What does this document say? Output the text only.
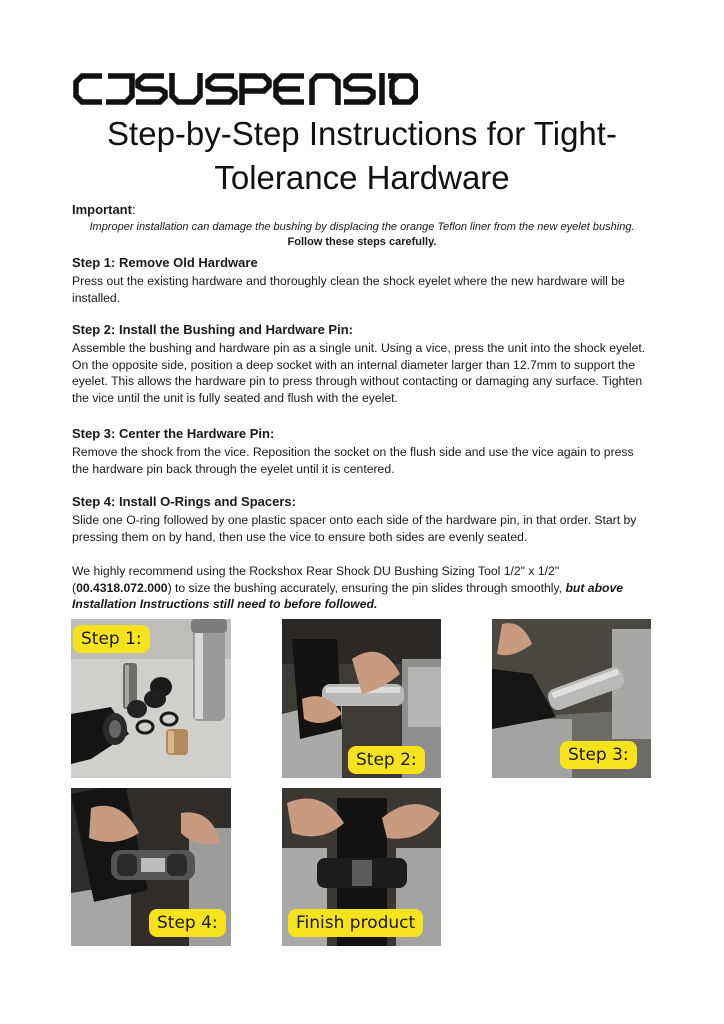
Step-by-Step Instructions for Tight-Tolerance Hardware
Important:
Improper installation can damage the bushing by displacing the orange Teflon liner from the new eyelet bushing. Follow these steps carefully.
Step 1: Remove Old Hardware

Press out the existing hardware and thoroughly clean the shock eyelet where the new hardware will be installed.

Step 2: Install the Bushing and Hardware Pin:

Assemble the bushing and hardware pin as a single unit. Using a vice, press the unit into the shock eyelet. On the opposite side, position a deep socket with an internal diameter larger than 12.7mm to support the eyelet. This allows the hardware pin to press through without contacting or damaging any surface. Tighten the vice until the unit is fully seated and flush with the eyelet.

Step 3: Center the Hardware Pin:

Remove the shock from the vice. Reposition the socket on the flush side and use the vice again to press the hardware pin back through the eyelet until it is centered.

Step 4: Install O-Rings and Spacers:

Slide one O-ring followed by one plastic spacer onto each side of the hardware pin, in that order. Start by pressing them on by hand, then use the vice to ensure both sides are evenly seated.

We highly recommend using the Rockshox Rear Shock DU Bushing Sizing Tool 1/2" x 1/2" (00.4318.072.000) to size the bushing accurately, ensuring the pin slides through smoothly, but above Installation Instructions still need to before followed.

Step 1:
Step 2:	Step 3:
Step 4:	Finish product
